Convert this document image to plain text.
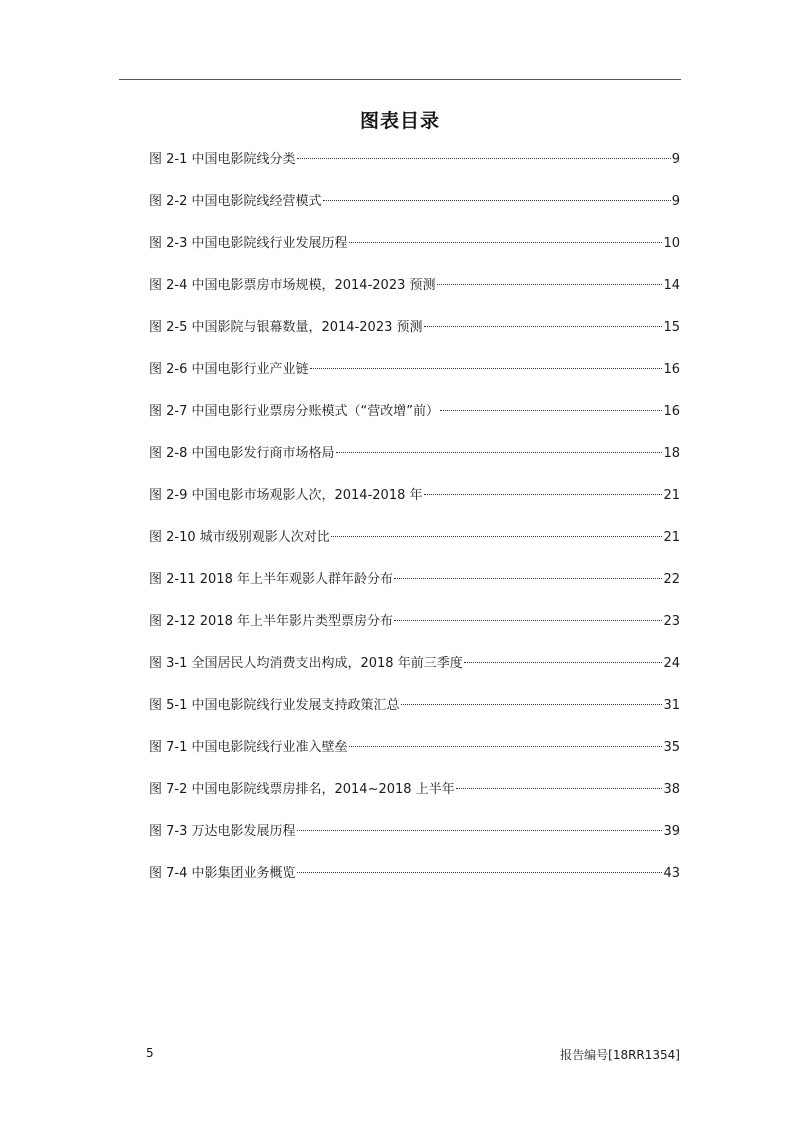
图表目录
图 2-1 中国电影院线分类	9
图 2-2 中国电影院线经营模式	9
图 2-3 中国电影院线行业发展历程	10
图 2-4 中国电影票房市场规模，2014-2023 预测	14
图 2-5 中国影院与银幕数量，2014-2023 预测	15
图 2-6 中国电影行业产业链	16
图 2-7 中国电影行业票房分账模式（“营改增”前）	16
图 2-8 中国电影发行商市场格局	18
图 2-9 中国电影市场观影人次，2014-2018 年	21
图 2-10 城市级别观影人次对比	21
图 2-11 2018 年上半年观影人群年龄分布	22
图 2-12 2018 年上半年影片类型票房分布	23
图 3-1 全国居民人均消费支出构成，2018 年前三季度	24
图 5-1 中国电影院线行业发展支持政策汇总	31
图 7-1 中国电影院线行业准入壁垒	35
图 7-2 中国电影院线票房排名，2014~2018 上半年	38
图 7-3 万达电影发展历程	39
图 7-4 中影集团业务概览	43
5	报告编号[18RR1354]
